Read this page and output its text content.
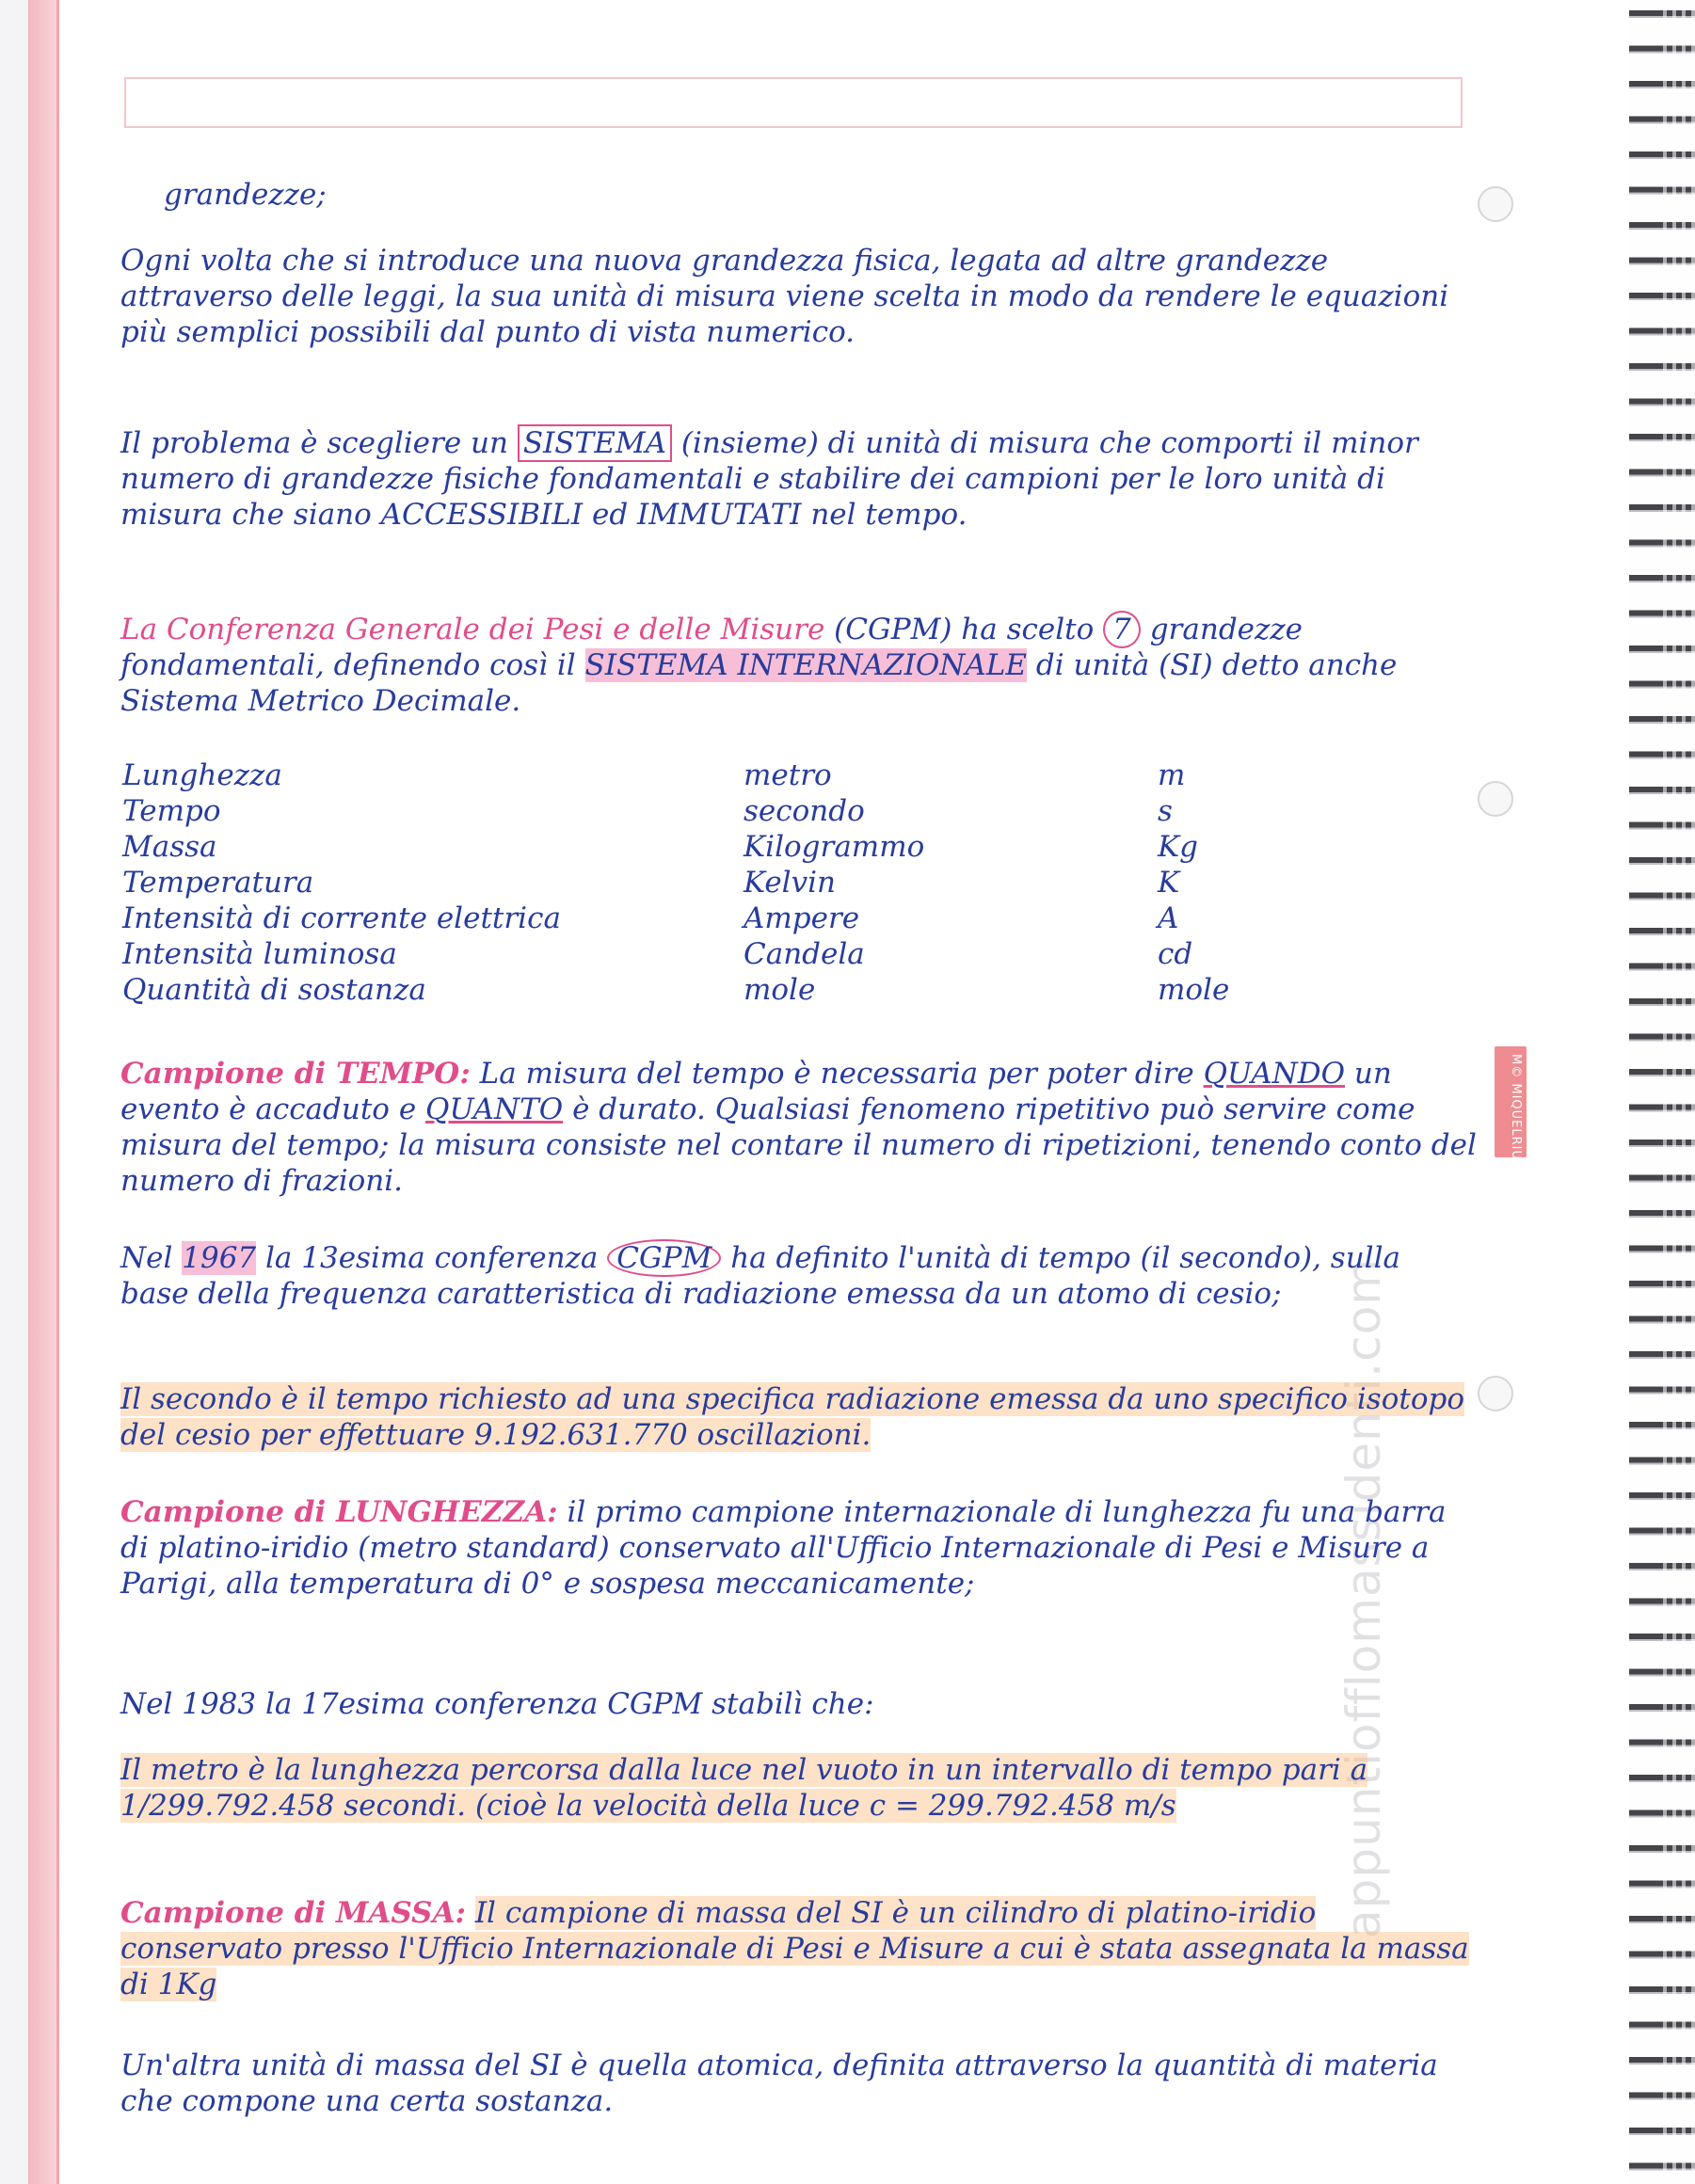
M© MIQUELRIUS
appuntiofflomassidenti.com

grandezze;

Ogni volta che si introduce una nuova grandezza fisica, legata ad altre grandezze attraverso delle leggi, la sua unità di misura viene scelta in modo da rendere le equazioni più semplici possibili dal punto di vista numerico.

Il problema è scegliere un SISTEMA (insieme) di unità di misura che comporti il minor numero di grandezze fisiche fondamentali e stabilire dei campioni per le loro unità di misura che siano ACCESSIBILI ed IMMUTATI nel tempo.

La Conferenza Generale dei Pesi e delle Misure (CGPM) ha scelto 7 grandezze fondamentali, definendo così il SISTEMA INTERNAZIONALE di unità (SI) detto anche Sistema Metrico Decimale.

Lunghezza	metro	m
Tempo	secondo	s
Massa	Kilogrammo	Kg
Temperatura	Kelvin	K
Intensità di corrente elettrica	Ampere	A
Intensità luminosa	Candela	cd
Quantità di sostanza	mole	mole

Campione di TEMPO: La misura del tempo è necessaria per poter dire QUANDO un evento è accaduto e QUANTO è durato. Qualsiasi fenomeno ripetitivo può servire come misura del tempo; la misura consiste nel contare il numero di ripetizioni, tenendo conto del numero di frazioni.

Nel 1967 la 13esima conferenza CGPM ha definito l'unità di tempo (il secondo), sulla base della frequenza caratteristica di radiazione emessa da un atomo di cesio;

Il secondo è il tempo richiesto ad una specifica radiazione emessa da uno specifico isotopo del cesio per effettuare 9.192.631.770 oscillazioni.

Campione di LUNGHEZZA: il primo campione internazionale di lunghezza fu una barra di platino-iridio (metro standard) conservato all'Ufficio Internazionale di Pesi e Misure a Parigi, alla temperatura di 0° e sospesa meccanicamente;

Nel 1983 la 17esima conferenza CGPM stabilì che:

Il metro è la lunghezza percorsa dalla luce nel vuoto in un intervallo di tempo pari a 1/299.792.458 secondi. (cioè la velocità della luce c = 299.792.458 m/s

Campione di MASSA: Il campione di massa del SI è un cilindro di platino-iridio conservato presso l'Ufficio Internazionale di Pesi e Misure a cui è stata assegnata la massa di 1Kg

Un'altra unità di massa del SI è quella atomica, definita attraverso la quantità di materia che compone una certa sostanza.
